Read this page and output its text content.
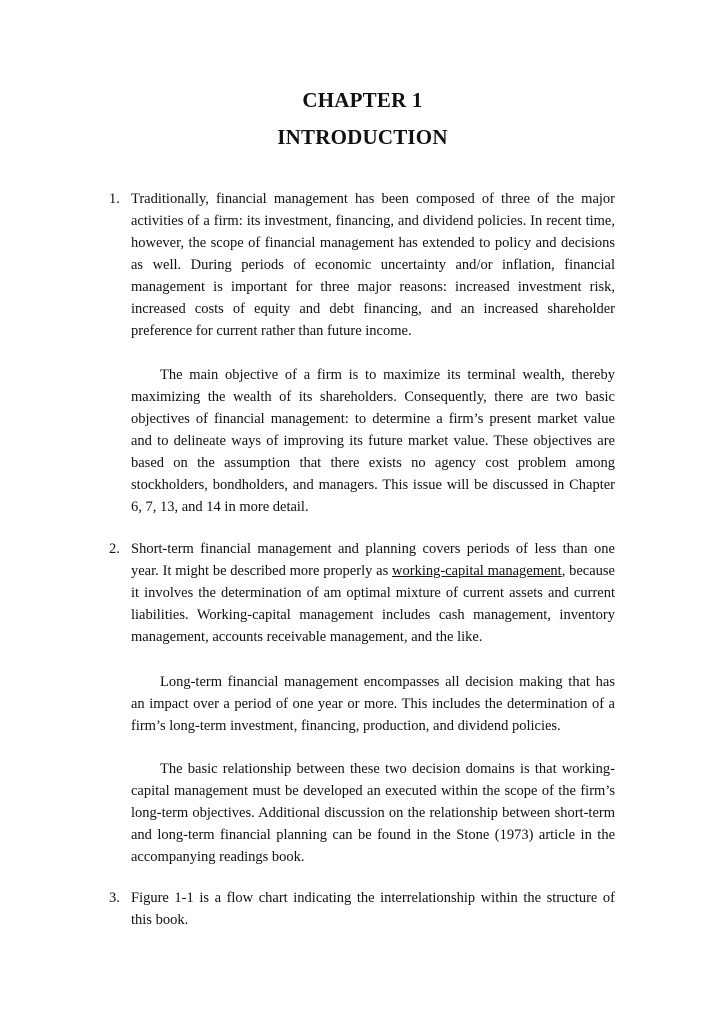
CHAPTER 1
INTRODUCTION
1. Traditionally, financial management has been composed of three of the major activities of a firm: its investment, financing, and dividend policies. In recent time, however, the scope of financial management has extended to policy and decisions as well. During periods of economic uncertainty and/or inflation, financial management is important for three major reasons: increased investment risk, increased costs of equity and debt financing, and an increased shareholder preference for current rather than future income.

The main objective of a firm is to maximize its terminal wealth, thereby maximizing the wealth of its shareholders. Consequently, there are two basic objectives of financial management: to determine a firm’s present market value and to delineate ways of improving its future market value. These objectives are based on the assumption that there exists no agency cost problem among stockholders, bondholders, and managers. This issue will be discussed in Chapter 6, 7, 13, and 14 in more detail.

2. Short-term financial management and planning covers periods of less than one year. It might be described more properly as working-capital management, because it involves the determination of am optimal mixture of current assets and current liabilities. Working-capital management includes cash management, inventory management, accounts receivable management, and the like.

Long-term financial management encompasses all decision making that has an impact over a period of one year or more. This includes the determination of a firm’s long-term investment, financing, production, and dividend policies.

The basic relationship between these two decision domains is that working-capital management must be developed an executed within the scope of the firm’s long-term objectives. Additional discussion on the relationship between short-term and long-term financial planning can be found in the Stone (1973) article in the accompanying readings book.

3. Figure 1-1 is a flow chart indicating the interrelationship within the structure of this book.
